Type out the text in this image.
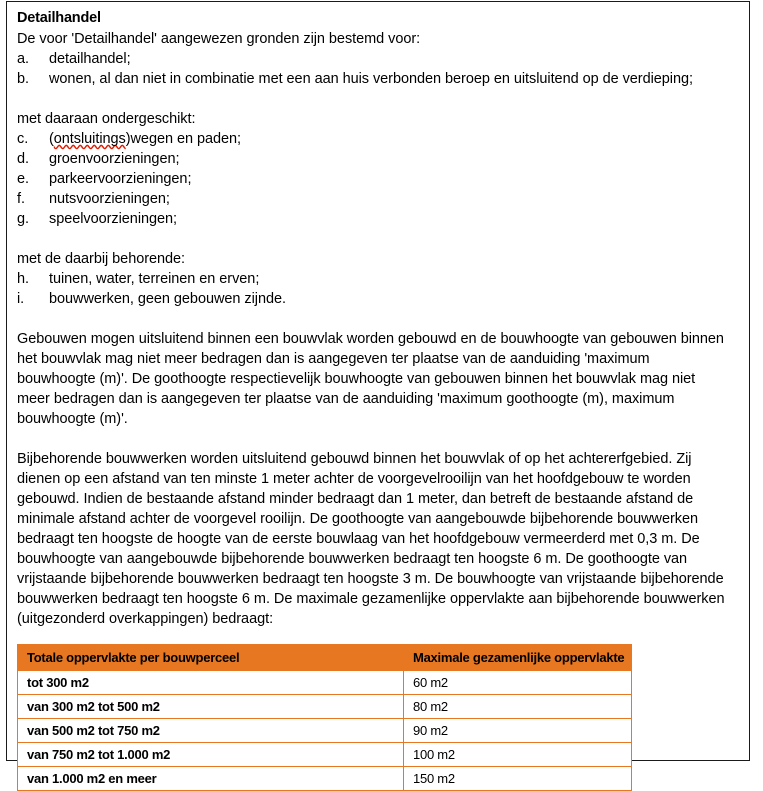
Detailhandel

De voor 'Detailhandel' aangewezen gronden zijn bestemd voor:

a.	detailhandel;
b.	wonen, al dan niet in combinatie met een aan huis verbonden beroep en uitsluitend op de verdieping;

met daaraan ondergeschikt:

c.	(ontsluitings)wegen en paden;
d.	groenvoorzieningen;
e.	parkeervoorzieningen;
f.	nutsvoorzieningen;
g.	speelvoorzieningen;

met de daarbij behorende:

h.	tuinen, water, terreinen en erven;
i.	bouwwerken, geen gebouwen zijnde.

Gebouwen mogen uitsluitend binnen een bouwvlak worden gebouwd en de bouwhoogte van gebouwen binnen het bouwvlak mag niet meer bedragen dan is aangegeven ter plaatse van de aanduiding 'maximum bouwhoogte (m)'. De goothoogte respectievelijk bouwhoogte van gebouwen binnen het bouwvlak mag niet meer bedragen dan is aangegeven ter plaatse van de aanduiding 'maximum goothoogte (m), maximum bouwhoogte (m)'.

Bijbehorende bouwwerken worden uitsluitend gebouwd binnen het bouwvlak of op het achtererfgebied. Zij dienen op een afstand van ten minste 1 meter achter de voorgevelrooilijn van het hoofdgebouw te worden gebouwd. Indien de bestaande afstand minder bedraagt dan 1 meter, dan betreft de bestaande afstand de minimale afstand achter de voorgevel rooilijn. De goothoogte van aangebouwde bijbehorende bouwwerken bedraagt ten hoogste de hoogte van de eerste bouwlaag van het hoofdgebouw vermeerderd met 0,3 m. De bouwhoogte van aangebouwde bijbehorende bouwwerken bedraagt ten hoogste 6 m. De goothoogte van vrijstaande bijbehorende bouwwerken bedraagt ten hoogste 3 m. De bouwhoogte van vrijstaande bijbehorende bouwwerken bedraagt ten hoogste 6 m. De maximale gezamenlijke oppervlakte aan bijbehorende bouwwerken (uitgezonderd overkappingen) bedraagt:

Totale oppervlakte per bouwperceel	Maximale gezamenlijke oppervlakte
tot 300 m2	60 m2
van 300 m2 tot 500 m2	80 m2
van 500 m2 tot 750 m2	90 m2
van 750 m2 tot 1.000 m2	100 m2
van 1.000 m2 en meer	150 m2
